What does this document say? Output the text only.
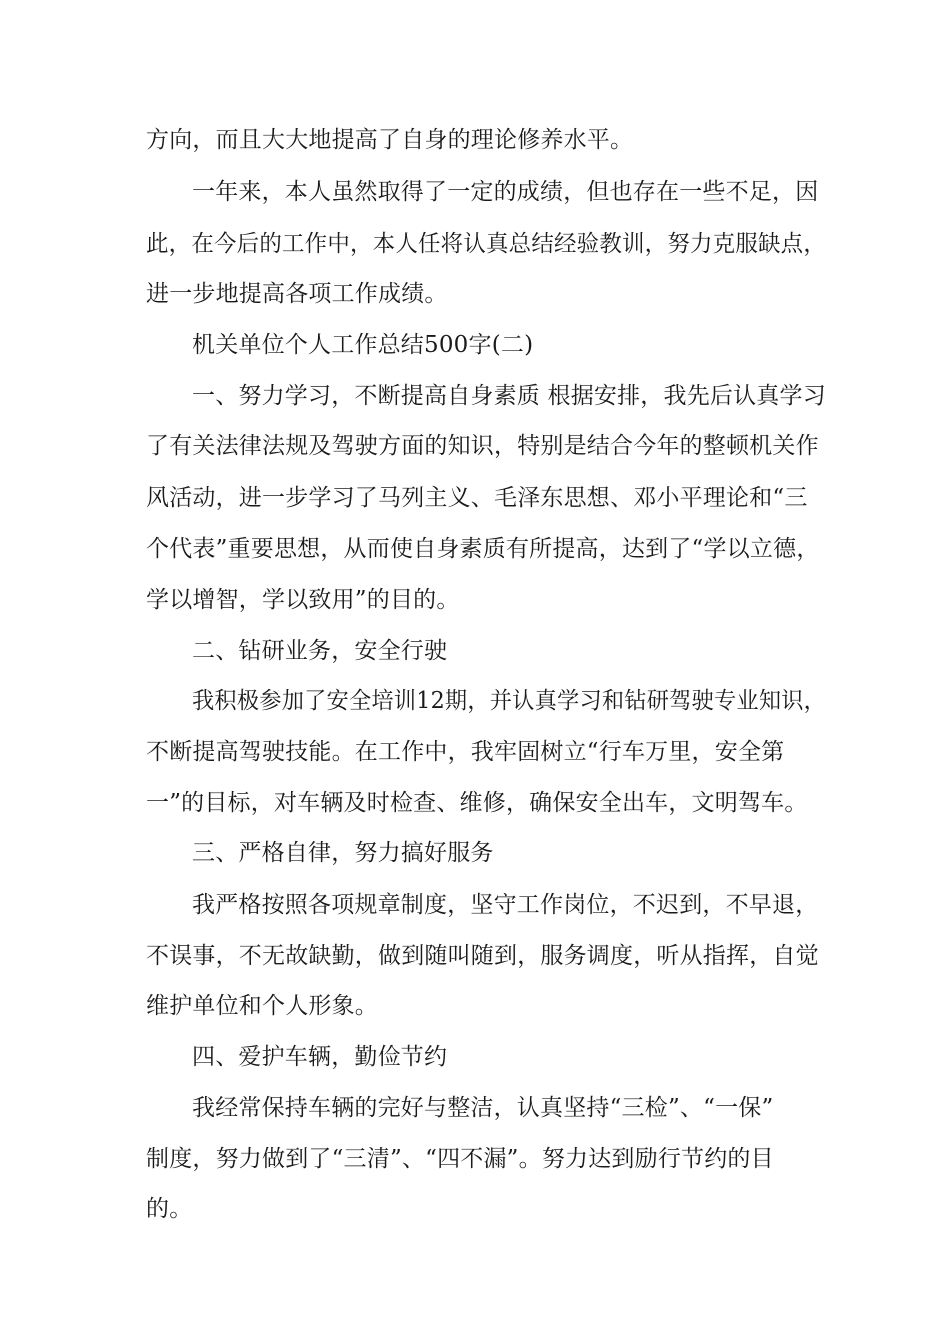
方向，而且大大地提高了自身的理论修养水平。

一年来，本人虽然取得了一定的成绩，但也存在一些不足，因

此，在今后的工作中，本人任将认真总结经验教训，努力克服缺点，

进一步地提高各项工作成绩。

机关单位个人工作总结500字(二)

一、努力学习，不断提高自身素质 根据安排，我先后认真学习

了有关法律法规及驾驶方面的知识，特别是结合今年的整顿机关作

风活动，进一步学习了马列主义、毛泽东思想、邓小平理论和“三

个代表”重要思想，从而使自身素质有所提高，达到了“学以立德，

学以增智，学以致用”的目的。

二、钻研业务，安全行驶

我积极参加了安全培训12期，并认真学习和钻研驾驶专业知识，

不断提高驾驶技能。在工作中，我牢固树立“行车万里，安全第

一”的目标，对车辆及时检查、维修，确保安全出车，文明驾车。

三、严格自律，努力搞好服务

我严格按照各项规章制度，坚守工作岗位，不迟到，不早退，

不误事，不无故缺勤，做到随叫随到，服务调度，听从指挥，自觉

维护单位和个人形象。

四、爱护车辆，勤俭节约

我经常保持车辆的完好与整洁，认真坚持“三检”、“一保”

制度，努力做到了“三清”、“四不漏”。努力达到励行节约的目

的。
